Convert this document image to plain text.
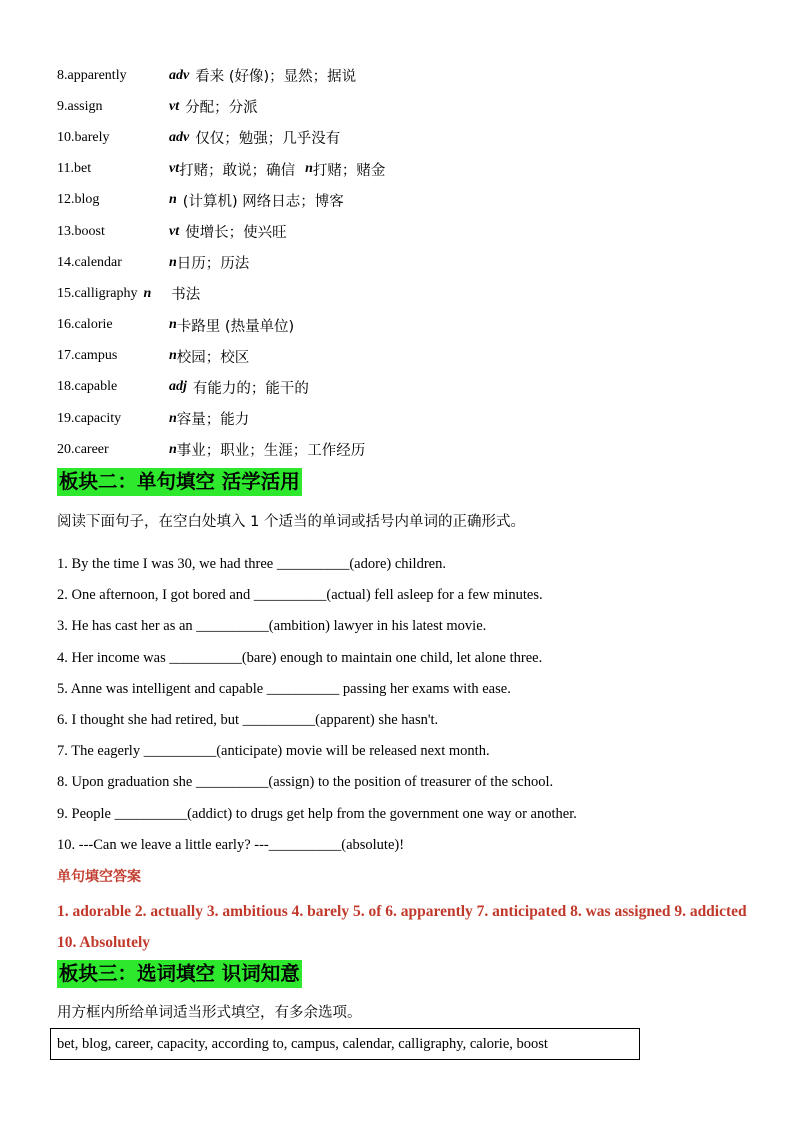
8.apparently	adv 看来 (好像)；显然；据说
9.assign	vt 分配；分派
10.barely	adv 仅仅；勉强；几乎没有
11.bet	vt 打赌；敢说；确信 n 打赌；赌金
12.blog	n (计算机) 网络日志；博客
13.boost	vt 使增长；使兴旺
14.calendar	n 日历；历法
15.calligraphy n 书法
16.calorie	n 卡路里 (热量单位)
17.campus	n 校园；校区
18.capable	adj 有能力的；能干的
19.capacity	n 容量；能力
20.career	n 事业；职业；生涯；工作经历
板块二：单句填空 活学活用
阅读下面句子，在空白处填入 1 个适当的单词或括号内单词的正确形式。
1. By the time I was 30, we had three __________(adore) children.
2. One afternoon, I got bored and __________(actual) fell asleep for a few minutes.
3. He has cast her as an __________(ambition) lawyer in his latest movie.
4. Her income was __________(bare) enough to maintain one child, let alone three.
5. Anne was intelligent and capable __________ passing her exams with ease.
6. I thought she had retired, but __________(apparent) she hasn't.
7. The eagerly __________(anticipate) movie will be released next month.
8. Upon graduation she __________(assign) to the position of treasurer of the school.
9. People __________(addict) to drugs get help from the government one way or another.
10. ---Can we leave a little early? ---__________(absolute)!
单句填空答案
1. adorable 2. actually 3. ambitious 4. barely 5. of 6. apparently 7. anticipated 8. was assigned 9. addicted 10. Absolutely
板块三：选词填空 识词知意
用方框内所给单词适当形式填空，有多余选项。
bet, blog, career, capacity, according to, campus, calendar, calligraphy, calorie, boost
